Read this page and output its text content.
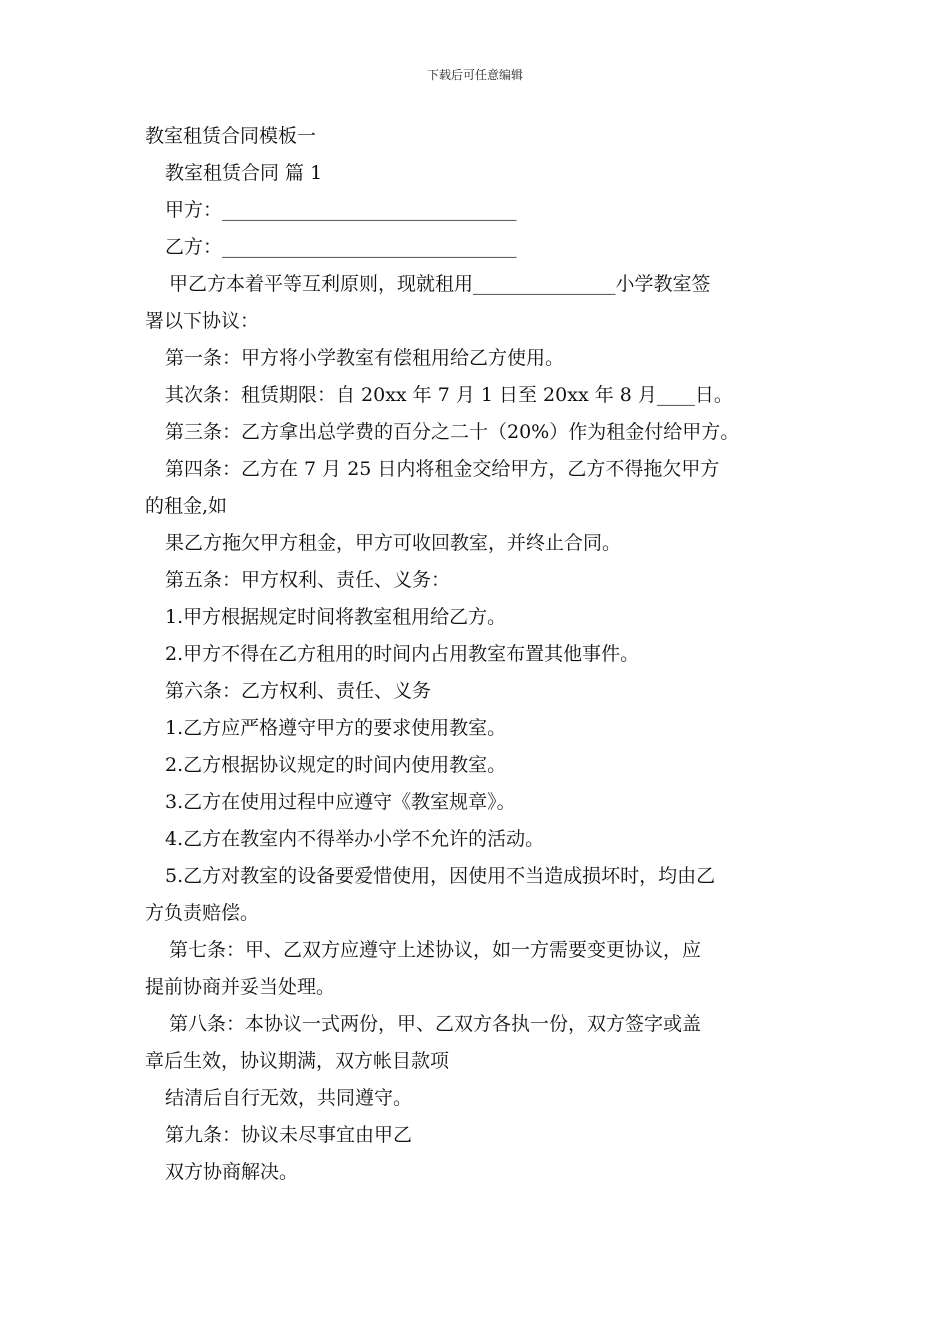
下载后可任意编辑
教室租赁合同模板一
教室租赁合同 篇 1
甲方：_______________________________
乙方：_______________________________
甲乙方本着平等互利原则，现就租用_______________小学教室签
署以下协议：
第一条：甲方将小学教室有偿租用给乙方使用。
其次条：租赁期限：自 20xx 年 7 月 1 日至 20xx 年 8 月____日。
第三条：乙方拿出总学费的百分之二十（20%）作为租金付给甲方。
第四条：乙方在 7 月 25 日内将租金交给甲方，乙方不得拖欠甲方
的租金,如
果乙方拖欠甲方租金，甲方可收回教室，并终止合同。
第五条：甲方权利、责任、义务：
1.甲方根据规定时间将教室租用给乙方。
2.甲方不得在乙方租用的时间内占用教室布置其他事件。
第六条：乙方权利、责任、义务
1.乙方应严格遵守甲方的要求使用教室。
2.乙方根据协议规定的时间内使用教室。
3.乙方在使用过程中应遵守《教室规章》。
4.乙方在教室内不得举办小学不允许的活动。
5.乙方对教室的设备要爱惜使用，因使用不当造成损坏时，均由乙
方负责赔偿。
第七条：甲、乙双方应遵守上述协议，如一方需要变更协议，应
提前协商并妥当处理。
第八条：本协议一式两份，甲、乙双方各执一份，双方签字或盖
章后生效，协议期满，双方帐目款项
结清后自行无效，共同遵守。
第九条：协议未尽事宜由甲乙
双方协商解决。
